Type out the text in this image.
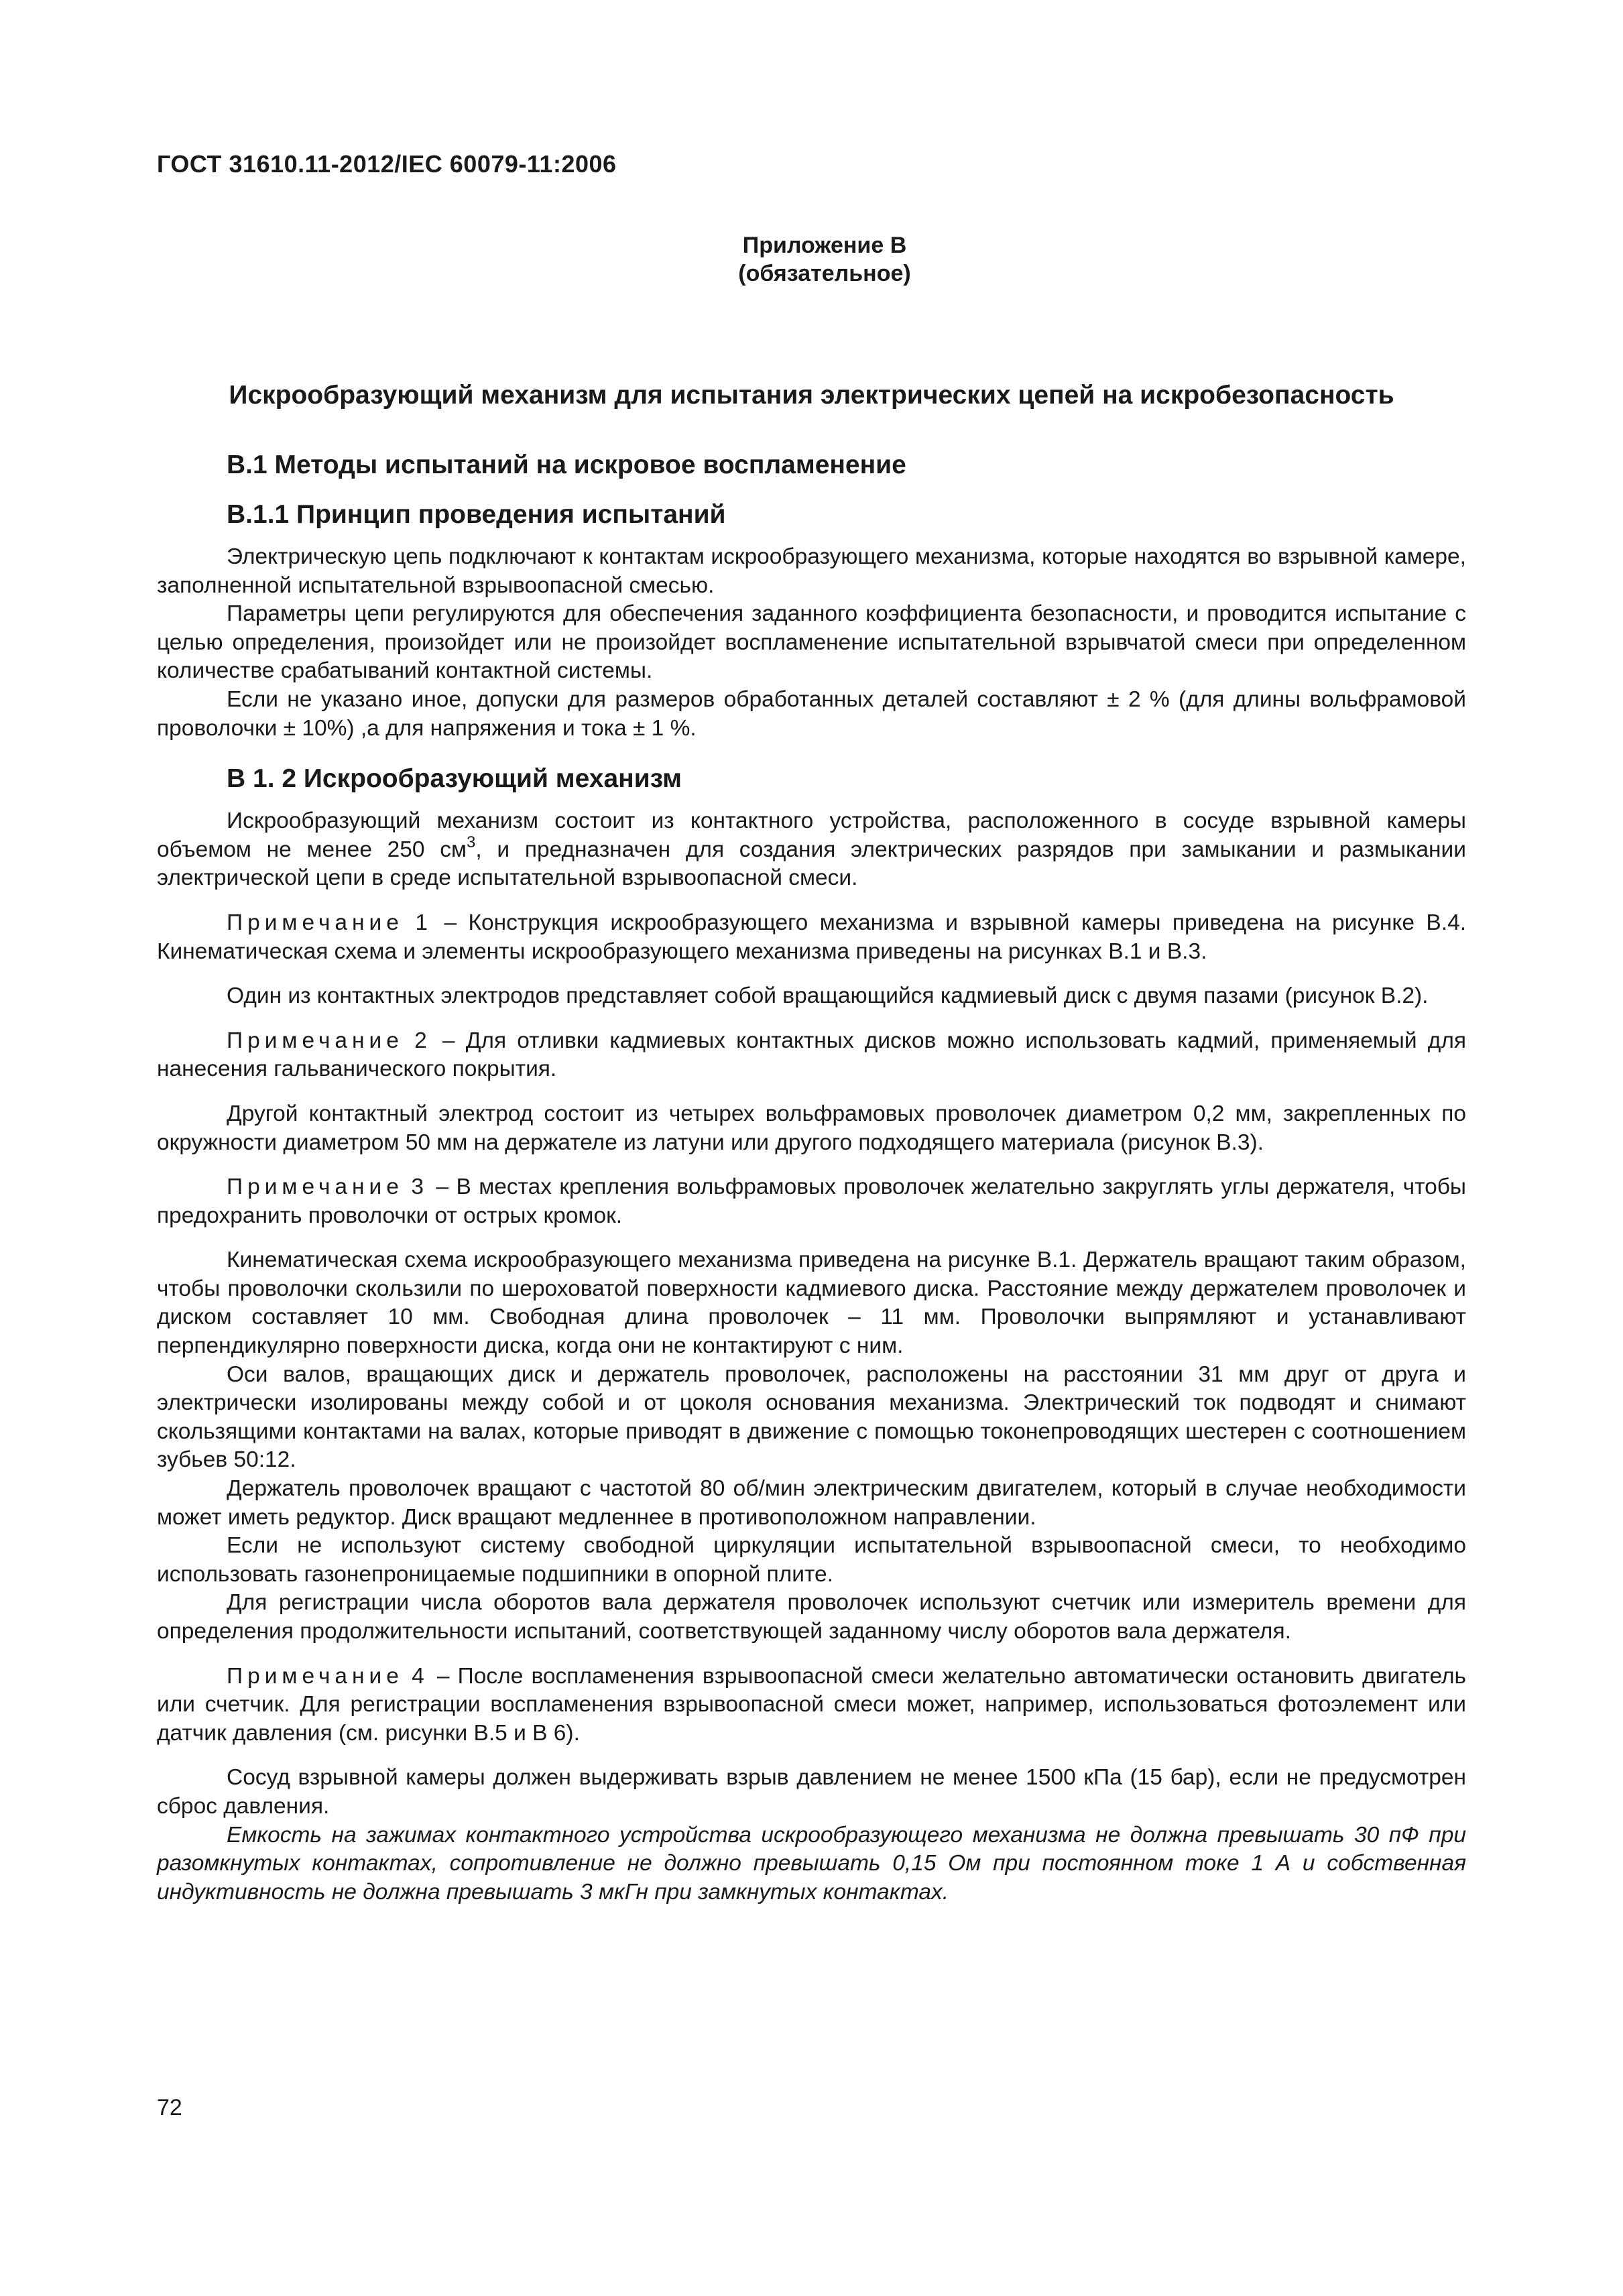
ГОСТ 31610.11-2012/IEC 60079-11:2006
Приложение В
(обязательное)
Искрообразующий механизм для испытания электрических цепей на искробезопасность
В.1 Методы испытаний на искровое воспламенение
В.1.1 Принцип проведения испытаний

Электрическую цепь подключают к контактам искрообразующего механизма, которые находятся во взрывной камере, заполненной испытательной взрывоопасной смесью.

Параметры цепи регулируются для обеспечения заданного коэффициента безопасности, и проводится испытание с целью определения, произойдет или не произойдет воспламенение испытательной взрывчатой смеси при определенном количестве срабатываний контактной системы.

Если не указано иное, допуски для размеров обработанных деталей составляют ± 2 % (для длины вольфрамовой проволочки ± 10%) ,а для напряжения и тока ± 1 %.

В 1. 2 Искрообразующий механизм

Искрообразующий механизм состоит из контактного устройства, расположенного в сосуде взрывной камеры объемом не менее 250 $см^3$, и предназначен для создания электрических разрядов при замыкании и размыкании электрической цепи в среде испытательной взрывоопасной смеси.

Примечание 1 – Конструкция искрообразующего механизма и взрывной камеры приведена на рисунке В.4. Кинематическая схема и элементы искрообразующего механизма приведены на рисунках В.1 и В.3.

Один из контактных электродов представляет собой вращающийся кадмиевый диск с двумя пазами (рисунок В.2).

Примечание 2 – Для отливки кадмиевых контактных дисков можно использовать кадмий, применяемый для нанесения гальванического покрытия.

Другой контактный электрод состоит из четырех вольфрамовых проволочек диаметром 0,2 мм, закрепленных по окружности диаметром 50 мм на держателе из латуни или другого подходящего материала (рисунок В.3).

Примечание 3 – В местах крепления вольфрамовых проволочек желательно закруглять углы держателя, чтобы предохранить проволочки от острых кромок.

Кинематическая схема искрообразующего механизма приведена на рисунке В.1. Держатель вращают таким образом, чтобы проволочки скользили по шероховатой поверхности кадмиевого диска. Расстояние между держателем проволочек и диском составляет 10 мм. Свободная длина проволочек – 11 мм. Проволочки выпрямляют и устанавливают перпендикулярно поверхности диска, когда они не контактируют с ним.

Оси валов, вращающих диск и держатель проволочек, расположены на расстоянии 31 мм друг от друга и электрически изолированы между собой и от цоколя основания механизма. Электрический ток подводят и снимают скользящими контактами на валах, которые приводят в движение с помощью токонепроводящих шестерен с соотношением зубьев 50:12.

Держатель проволочек вращают с частотой 80 об/мин электрическим двигателем, который в случае необходимости может иметь редуктор. Диск вращают медленнее в противоположном направлении.

Если не используют систему свободной циркуляции испытательной взрывоопасной смеси, то необходимо использовать газонепроницаемые подшипники в опорной плите.

Для регистрации числа оборотов вала держателя проволочек используют счетчик или измеритель времени для определения продолжительности испытаний, соответствующей заданному числу оборотов вала держателя.

Примечание 4 – После воспламенения взрывоопасной смеси желательно автоматически остановить двигатель или счетчик. Для регистрации воспламенения взрывоопасной смеси может, например, использоваться фотоэлемент или датчик давления (см. рисунки В.5 и В 6).

Сосуд взрывной камеры должен выдерживать взрыв давлением не менее 1500 кПа (15 бар), если не предусмотрен сброс давления.

Емкость на зажимах контактного устройства искрообразующего механизма не должна превышать 30 пФ при разомкнутых контактах, сопротивление не должно превышать 0,15 Ом при постоянном токе 1 А и собственная индуктивность не должна превышать 3 мкГн при замкнутых контактах.

72
